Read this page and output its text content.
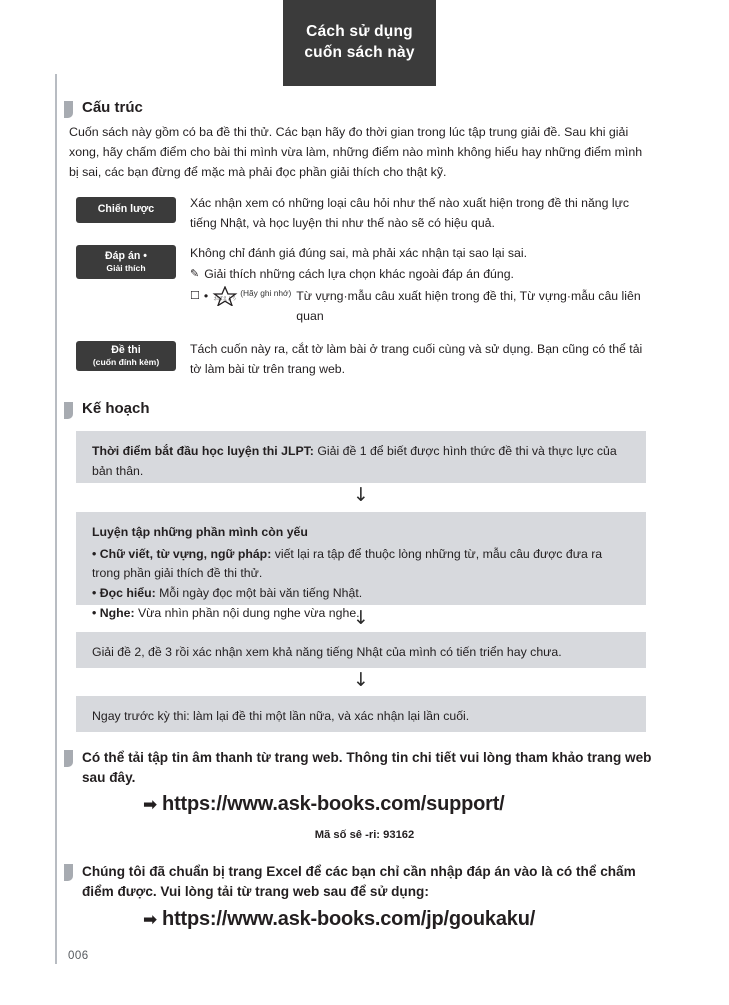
Cách sử dụng
cuốn sách này
Cấu trúc
Cuốn sách này gồm có ba đề thi thử. Các bạn hãy đo thời gian trong lúc tập trung giải đề. Sau khi giải xong, hãy chấm điểm cho bài thi mình vừa làm, những điểm nào mình không hiểu hay những điểm mình bị sai, các bạn đừng để mặc mà phải đọc phần giải thích cho thật kỹ.
Chiến lược	Xác nhận xem có những loại câu hỏi như thế nào xuất hiện trong đề thi năng lực tiếng Nhật, và học luyện thi như thế nào sẽ có hiệu quả.
Đáp án •
Giải thích
Không chỉ đánh giá đúng sai, mà phải xác nhận tại sao lại sai.
✎ Giải thích những cách lựa chọn khác ngoài đáp án đúng.
☐ • おぼえよう
(Hãy ghi nhớ) Từ vựng·mẫu câu xuất hiện trong đề thi, Từ vựng·mẫu câu liên quan
Đề thi
(cuốn đính kèm)
Tách cuốn này ra, cắt tờ làm bài ở trang cuối cùng và sử dụng. Bạn cũng có thể tải tờ làm bài từ trên trang web.
Kế hoạch
Thời điểm bắt đầu học luyện thi JLPT: Giải đề 1 để biết được hình thức đề thi và thực lực của bản thân.
↓
Luyện tập những phần mình còn yếu
• Chữ viết, từ vựng, ngữ pháp: viết lại ra tập để thuộc lòng những từ, mẫu câu được đưa ra trong phần giải thích đề thi thử.
• Đọc hiểu: Mỗi ngày đọc một bài văn tiếng Nhật.
• Nghe: Vừa nhìn phần nội dung nghe vừa nghe.
↓
Giải đề 2, đề 3 rồi xác nhận xem khả năng tiếng Nhật của mình có tiến triển hay chưa.
↓
Ngay trước kỳ thi: làm lại đề thi một lần nữa, và xác nhận lại lần cuối.
Có thể tải tập tin âm thanh từ trang web. Thông tin chi tiết vui lòng tham khảo trang web sau đây.
➡ https://www.ask-books.com/support/
Mã số sê -ri: 93162
Chúng tôi đã chuẩn bị trang Excel để các bạn chỉ cần nhập đáp án vào là có thể chấm điểm được. Vui lòng tải từ trang web sau để sử dụng:
➡ https://www.ask-books.com/jp/goukaku/
006
